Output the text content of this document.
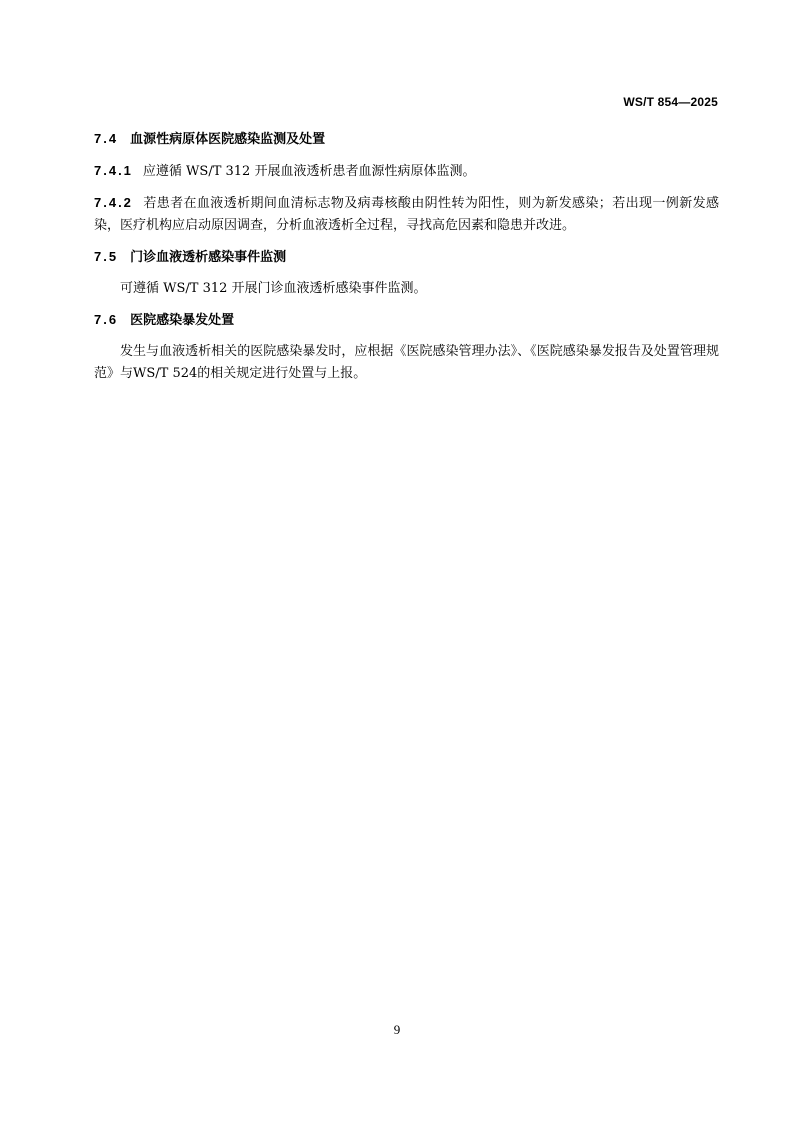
WS/T 854—2025
7.4 血源性病原体医院感染监测及处置
7.4.1 应遵循 WS/T 312 开展血液透析患者血源性病原体监测。
7.4.2 若患者在血液透析期间血清标志物及病毒核酸由阴性转为阳性，则为新发感染；若出现一例新发感染，医疗机构应启动原因调查，分析血液透析全过程，寻找高危因素和隐患并改进。
7.5 门诊血液透析感染事件监测
可遵循 WS/T 312 开展门诊血液透析感染事件监测。
7.6 医院感染暴发处置
发生与血液透析相关的医院感染暴发时，应根据《医院感染管理办法》、《医院感染暴发报告及处置管理规范》与WS/T 524的相关规定进行处置与上报。
9
